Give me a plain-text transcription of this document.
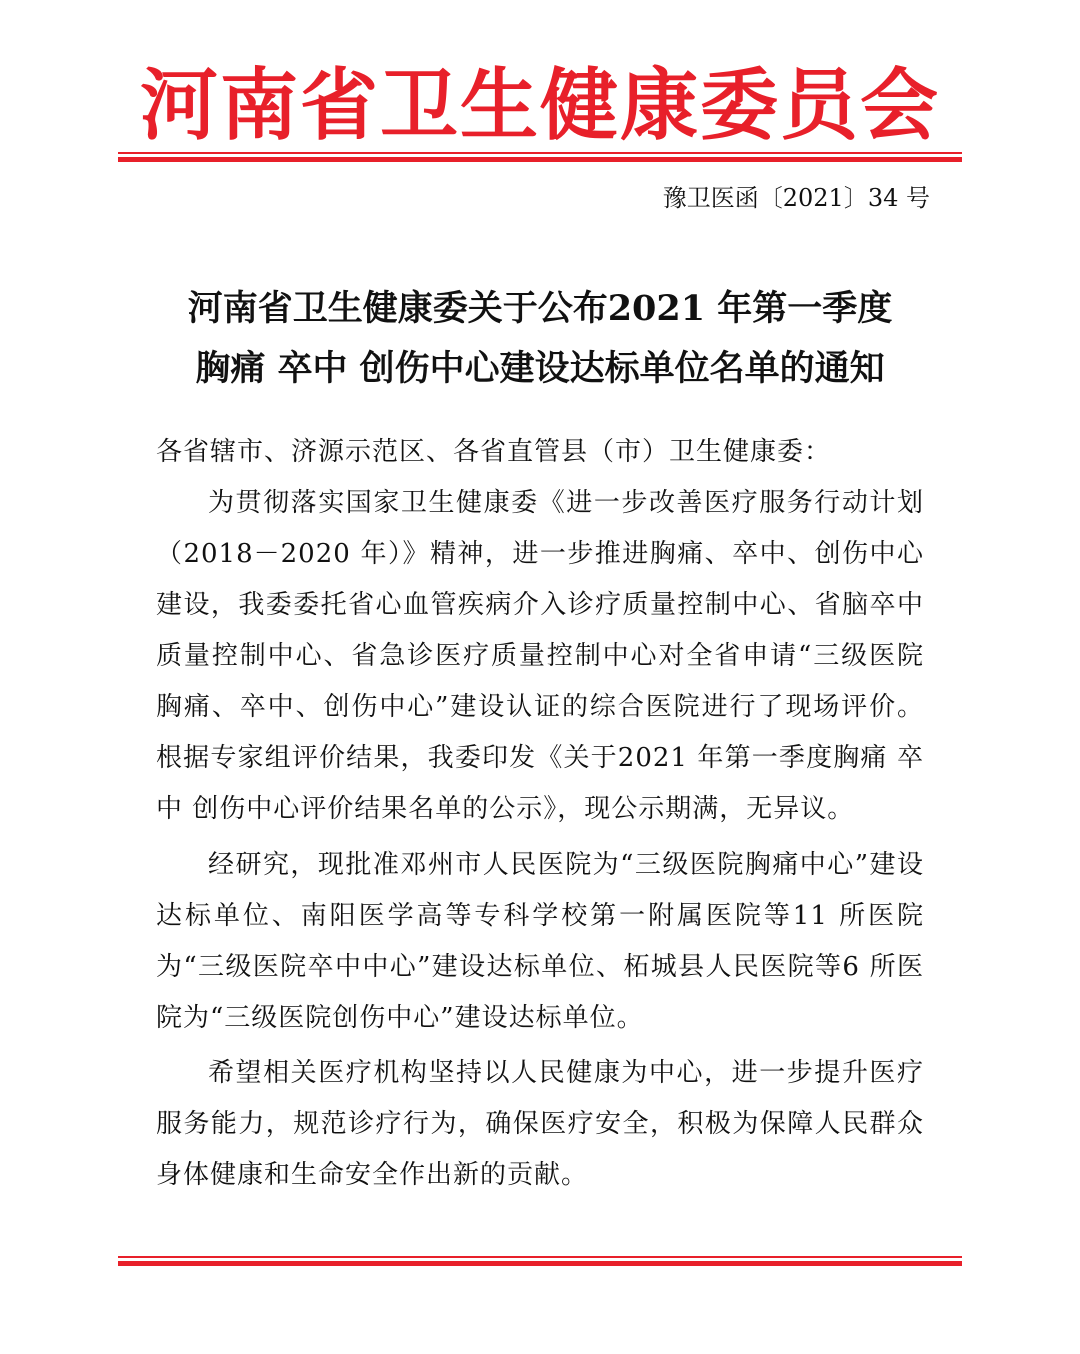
河南省卫生健康委员会
豫卫医函〔2021〕34 号
河南省卫生健康委关于公布2021 年第一季度
胸痛 卒中 创伤中心建设达标单位名单的通知
各省辖市、济源示范区、各省直管县（市）卫生健康委：

为贯彻落实国家卫生健康委《进一步改善医疗服务行动计划（2018－2020 年）》精神，进一步推进胸痛、卒中、创伤中心建设，我委委托省心血管疾病介入诊疗质量控制中心、省脑卒中质量控制中心、省急诊医疗质量控制中心对全省申请“三级医院胸痛、卒中、创伤中心”建设认证的综合医院进行了现场评价。根据专家组评价结果，我委印发《关于2021 年第一季度胸痛 卒中 创伤中心评价结果名单的公示》，现公示期满，无异议。

经研究，现批准邓州市人民医院为“三级医院胸痛中心”建设达标单位、南阳医学高等专科学校第一附属医院等11 所医院为“三级医院卒中中心”建设达标单位、柘城县人民医院等6 所医院为“三级医院创伤中心”建设达标单位。

希望相关医疗机构坚持以人民健康为中心，进一步提升医疗服务能力，规范诊疗行为，确保医疗安全，积极为保障人民群众身体健康和生命安全作出新的贡献。
